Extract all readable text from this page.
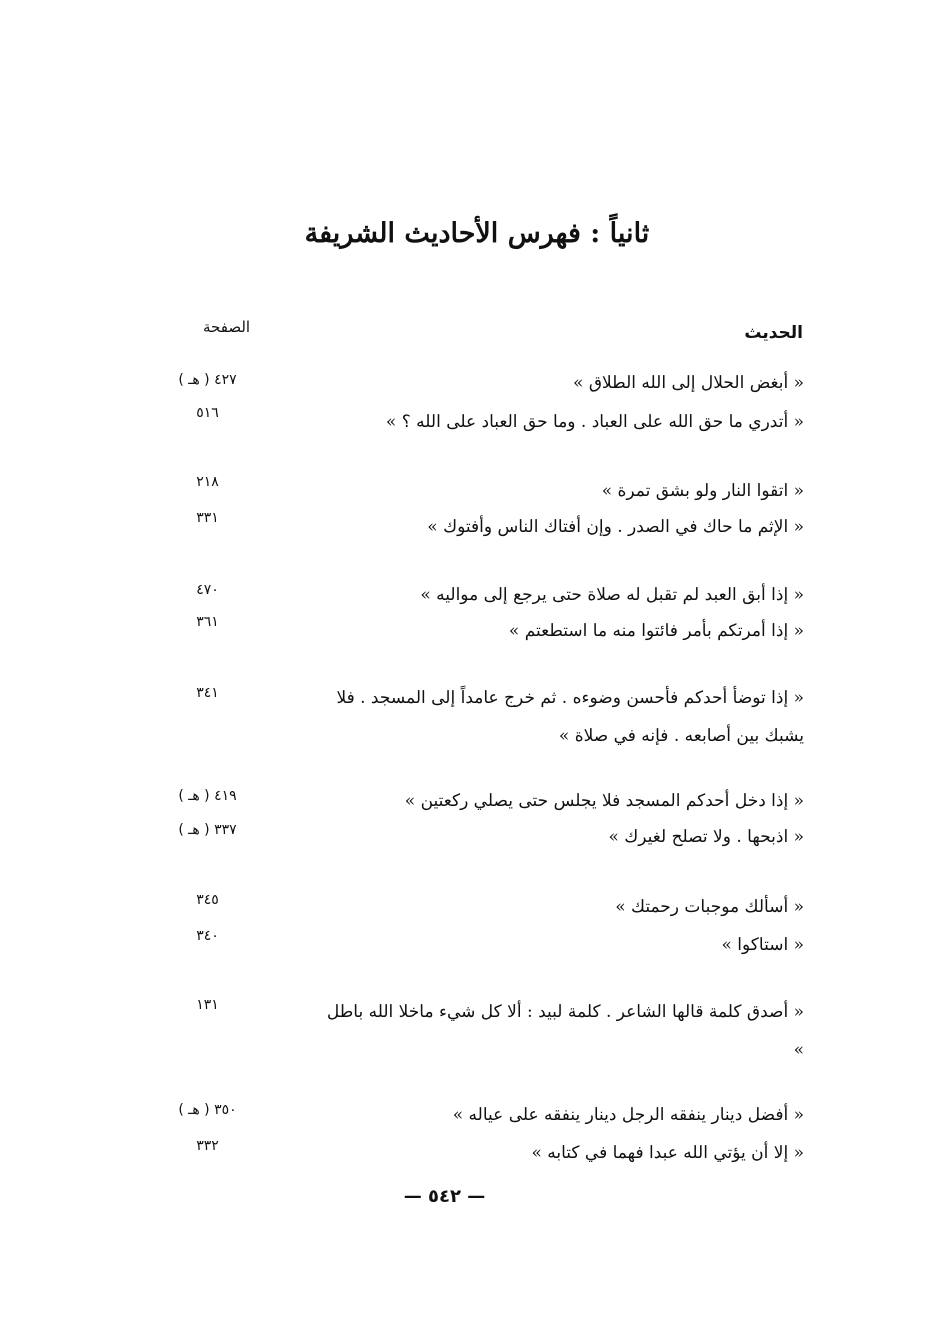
ثانياً : فهرس الأحاديث الشريفة
الحديث
الصفحة
« أبغض الحلال إلى الله الطلاق »
٤٢٧ ( هـ )
« أتدري ما حق الله على العباد . وما حق العباد على الله ؟ »
٥١٦
« اتقوا النار ولو بشق تمرة »
٢١٨
« الإثم ما حاك في الصدر . وإن أفتاك الناس وأفتوك »
٣٣١
« إذا أبق العبد لم تقبل له صلاة حتى يرجع إلى مواليه »
٤٧٠
« إذا أمرتكم بأمر فائتوا منه ما استطعتم »
٣٦١
« إذا توضأ أحدكم فأحسن وضوءه . ثم خرج عامداً إلى المسجد . فلا يشبك بين أصابعه . فإنه في صلاة »
٣٤١
« إذا دخل أحدكم المسجد فلا يجلس حتى يصلي ركعتين »
٤١٩ ( هـ )
« اذبحها . ولا تصلح لغيرك »
٣٣٧ ( هـ )
« أسألك موجبات رحمتك »
٣٤٥
« استاكوا »
٣٤٠
« أصدق كلمة قالها الشاعر . كلمة لبيد : ألا كل شيء ماخلا الله باطل »
١٣١
« أفضل دينار ينفقه الرجل دينار ينفقه على عياله »
٣٥٠ ( هـ )
« إلا أن يؤتي الله عبدا فهما في كتابه »
٣٣٢
— ٥٤٢ —
